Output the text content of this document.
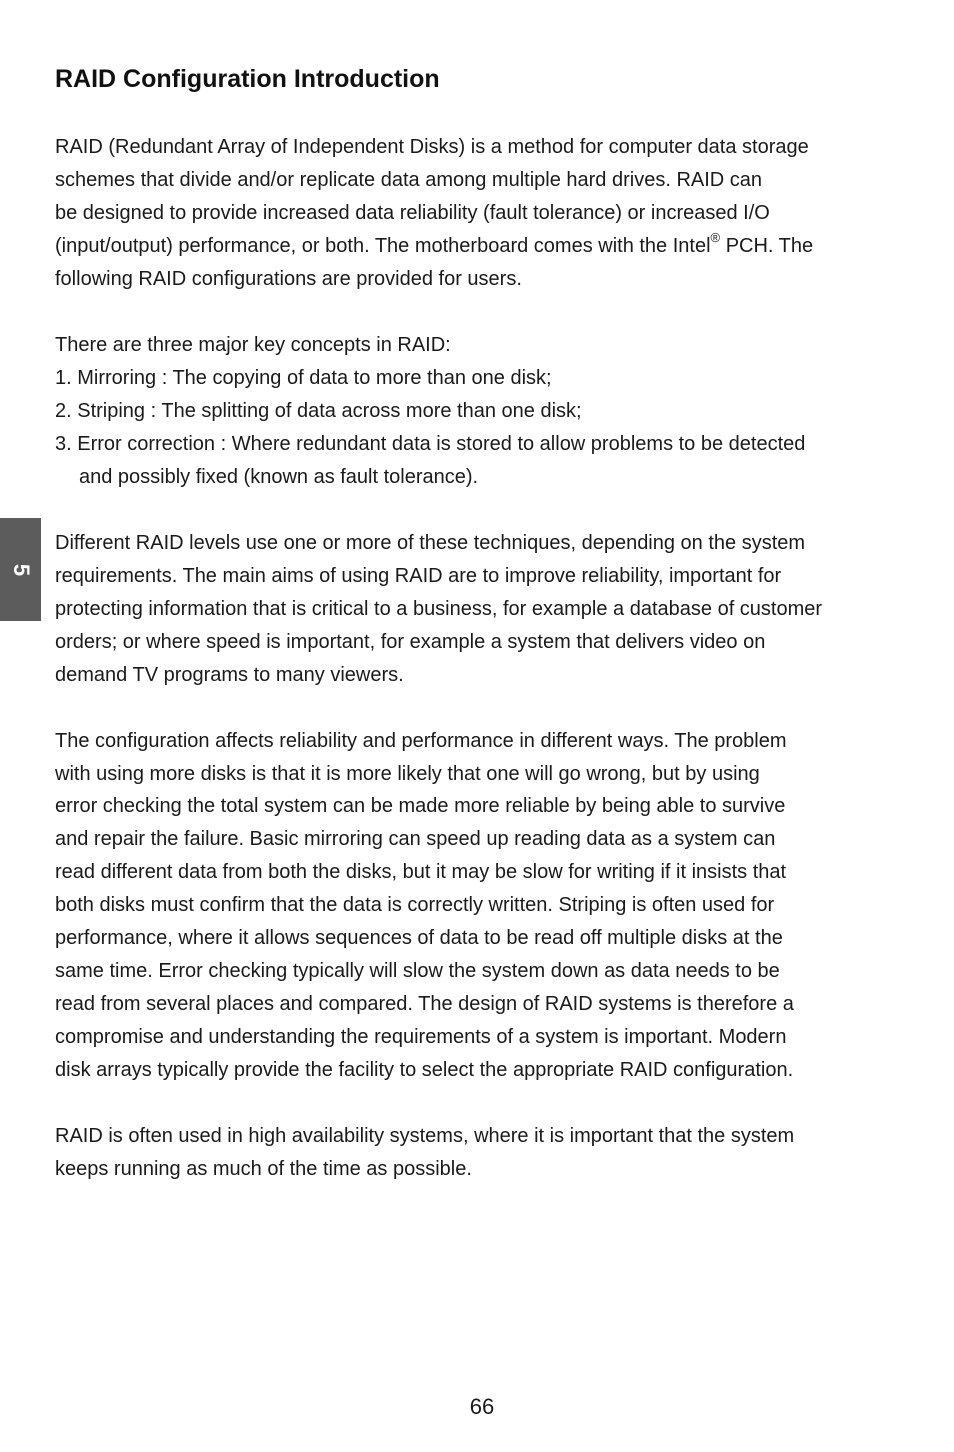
RAID Configuration Introduction
RAID (Redundant Array of Independent Disks) is a method for computer data storage
schemes that divide and/or replicate data among multiple hard drives. RAID can
be designed to provide increased data reliability (fault tolerance) or increased I/O
(input/output) performance, or both. The motherboard comes with the Intel® PCH. The
following RAID configurations are provided for users.
There are three major key concepts in RAID:
1. Mirroring : The copying of data to more than one disk;
2. Striping : The splitting of data across more than one disk;
3. Error correction : Where redundant data is stored to allow problems to be detected
and possibly fixed (known as fault tolerance).
Different RAID levels use one or more of these techniques, depending on the system
requirements. The main aims of using RAID are to improve reliability, important for
protecting information that is critical to a business, for example a database of customer
orders; or where speed is important, for example a system that delivers video on
demand TV programs to many viewers.
The configuration affects reliability and performance in different ways. The problem
with using more disks is that it is more likely that one will go wrong, but by using
error checking the total system can be made more reliable by being able to survive
and repair the failure. Basic mirroring can speed up reading data as a system can
read different data from both the disks, but it may be slow for writing if it insists that
both disks must confirm that the data is correctly written. Striping is often used for
performance, where it allows sequences of data to be read off multiple disks at the
same time. Error checking typically will slow the system down as data needs to be
read from several places and compared. The design of RAID systems is therefore a
compromise and understanding the requirements of a system is important. Modern
disk arrays typically provide the facility to select the appropriate RAID configuration.
RAID is often used in high availability systems, where it is important that the system
keeps running as much of the time as possible.
5
66
